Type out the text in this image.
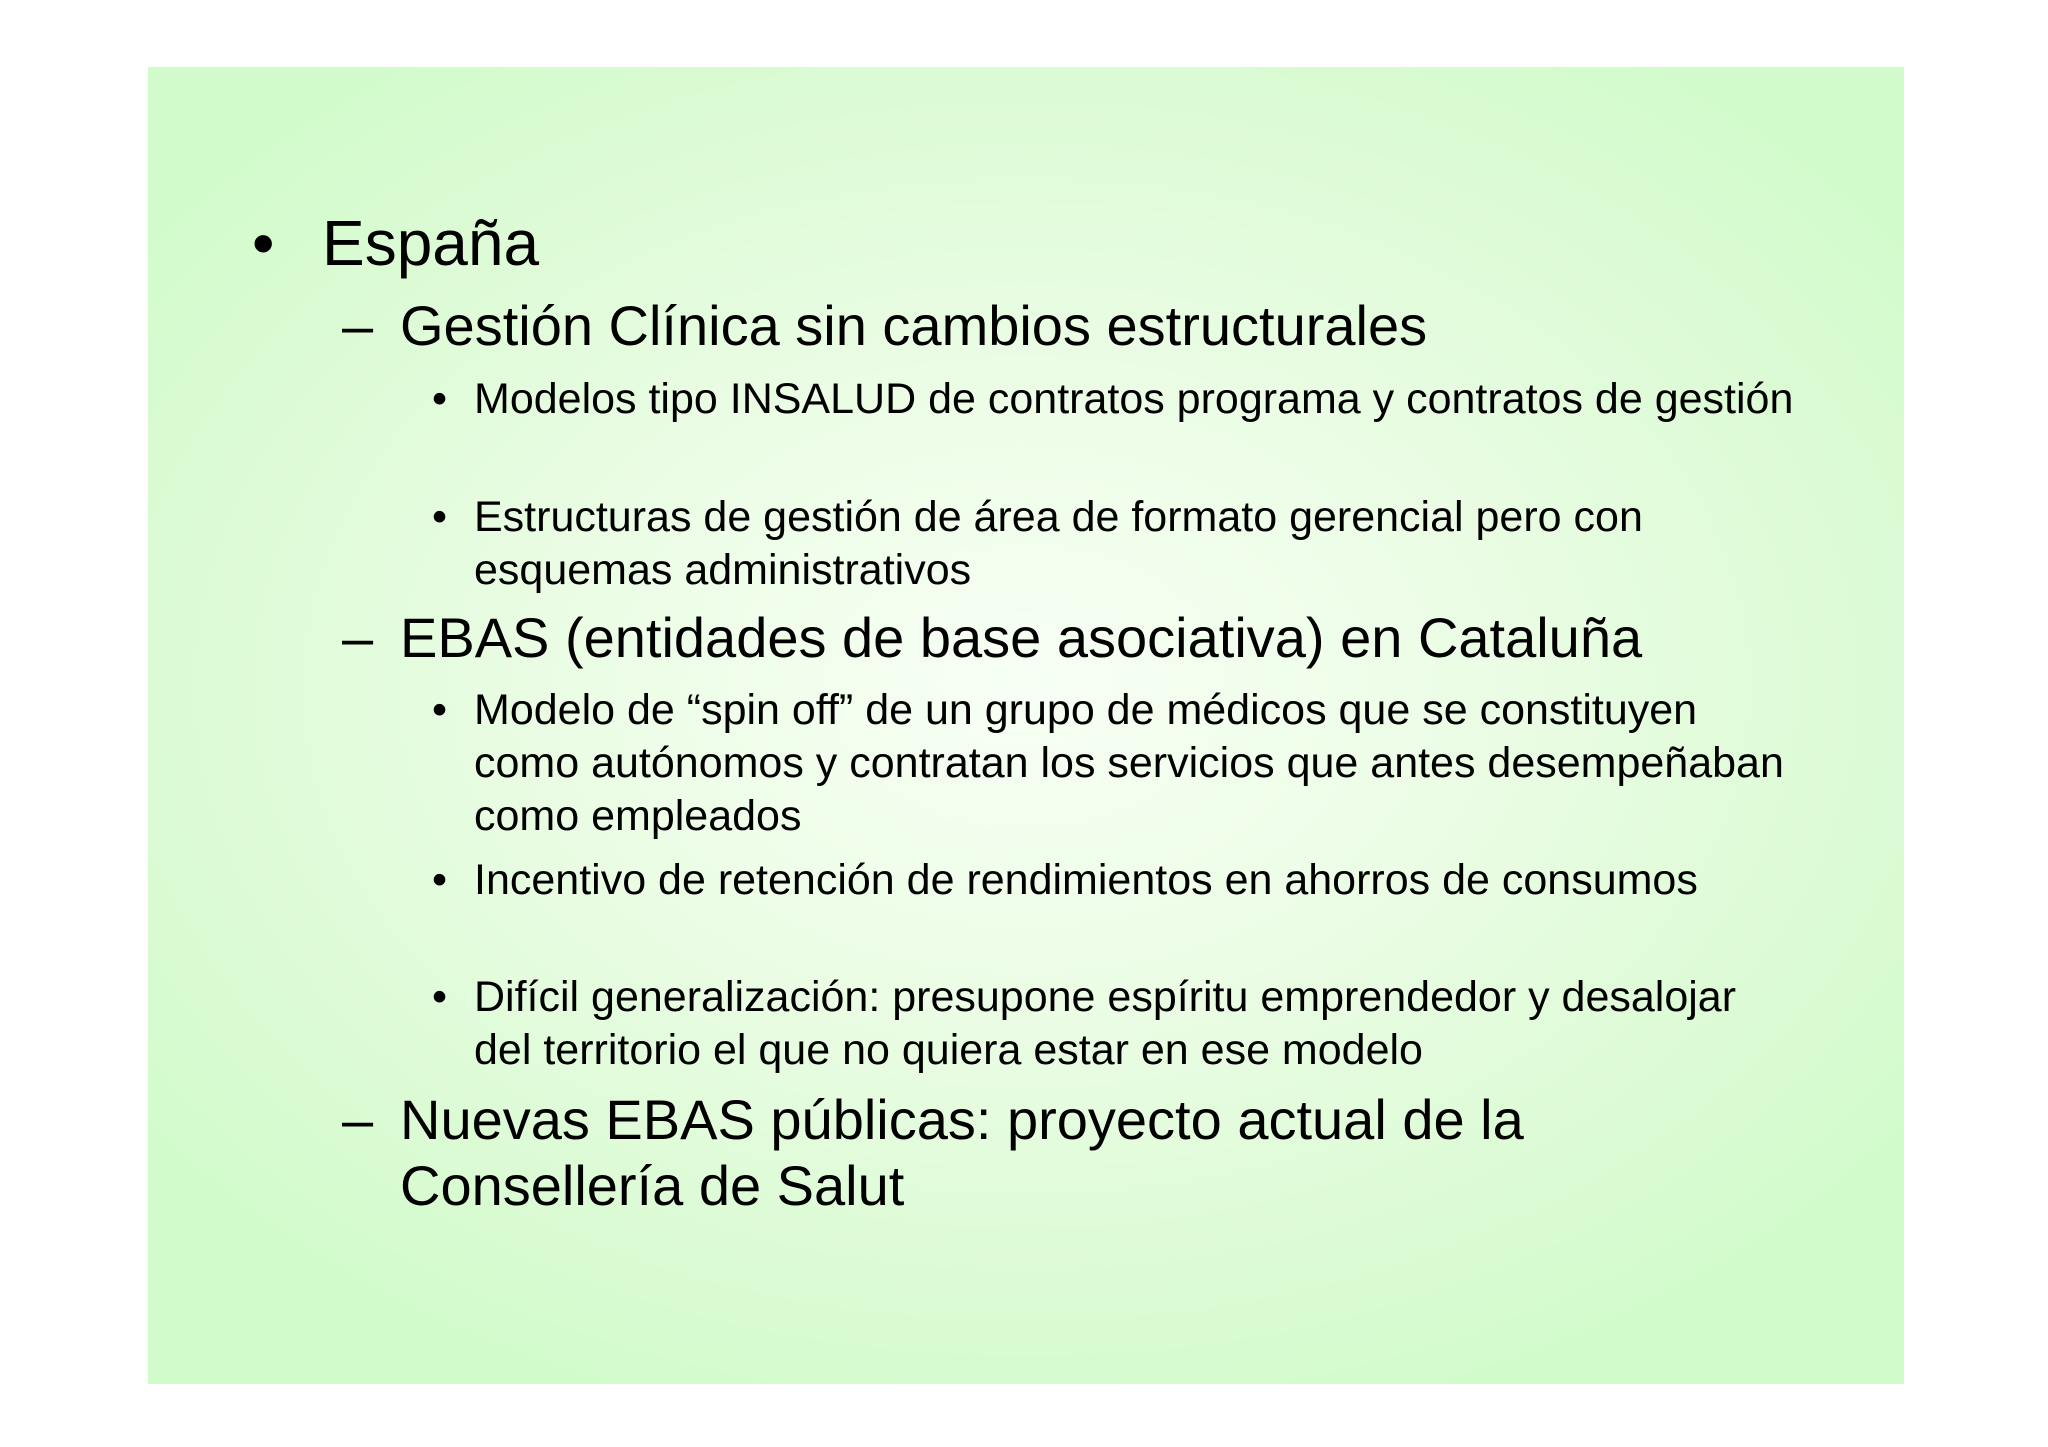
• España
– Gestión Clínica sin cambios estructurales
• Modelos tipo INSALUD de contratos programa y contratos de gestión
• Estructuras de gestión de área de formato gerencial pero con esquemas administrativos
– EBAS (entidades de base asociativa) en Cataluña
• Modelo de “spin off” de un grupo de médicos que se constituyen como autónomos y contratan los servicios que antes desempeñaban como empleados
• Incentivo de retención de rendimientos en ahorros de consumos
• Difícil generalización: presupone espíritu emprendedor y desalojar del territorio el que no quiera estar en ese modelo
– Nuevas EBAS públicas: proyecto actual de la Consellería de Salut
